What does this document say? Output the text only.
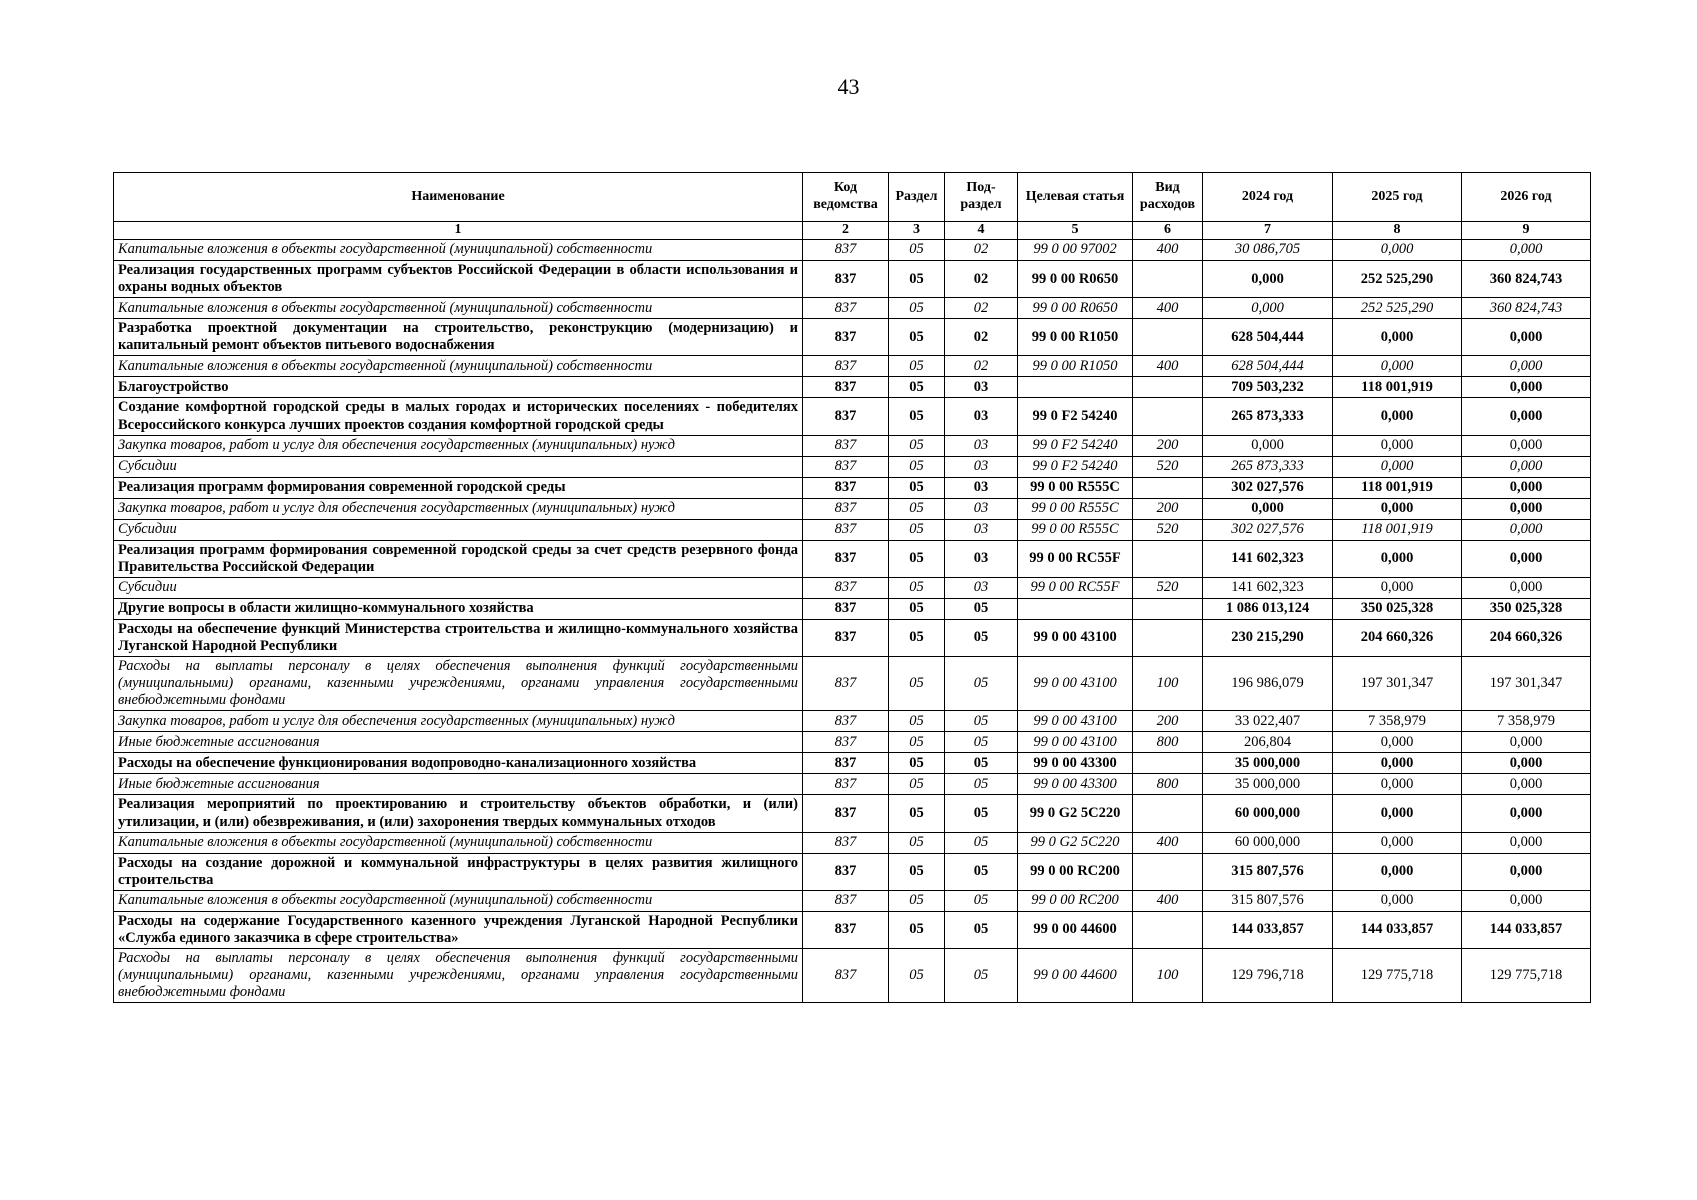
43
Наименование	Код ведомства	Раздел	Под-раздел	Целевая статья	Вид расходов	2024 год	2025 год	2026 год
1	2	3	4	5	6	7	8	9
Капитальные вложения в объекты государственной (муниципальной) собственности	837	05	02	99 0 00 97002	400	30 086,705	0,000	0,000
Реализация государственных программ субъектов Российской Федерации в области использования и охраны водных объектов	837	05	02	99 0 00 R0650		0,000	252 525,290	360 824,743
Капитальные вложения в объекты государственной (муниципальной) собственности	837	05	02	99 0 00 R0650	400	0,000	252 525,290	360 824,743
Разработка проектной документации на строительство, реконструкцию (модернизацию) и капитальный ремонт объектов питьевого водоснабжения	837	05	02	99 0 00 R1050		628 504,444	0,000	0,000
Капитальные вложения в объекты государственной (муниципальной) собственности	837	05	02	99 0 00 R1050	400	628 504,444	0,000	0,000
Благоустройство	837	05	03			709 503,232	118 001,919	0,000
Создание комфортной городской среды в малых городах и исторических поселениях - победителях Всероссийского конкурса лучших проектов создания комфортной городской среды	837	05	03	99 0 F2 54240		265 873,333	0,000	0,000
Закупка товаров, работ и услуг для обеспечения государственных (муниципальных) нужд	837	05	03	99 0 F2 54240	200	0,000	0,000	0,000
Субсидии	837	05	03	99 0 F2 54240	520	265 873,333	0,000	0,000
Реализация программ формирования современной городской среды	837	05	03	99 0 00 R555C		302 027,576	118 001,919	0,000
Закупка товаров, работ и услуг для обеспечения государственных (муниципальных) нужд	837	05	03	99 0 00 R555C	200	0,000	0,000	0,000
Субсидии	837	05	03	99 0 00 R555C	520	302 027,576	118 001,919	0,000
Реализация программ формирования современной городской среды за счет средств резервного фонда Правительства Российской Федерации	837	05	03	99 0 00 RC55F		141 602,323	0,000	0,000
Субсидии	837	05	03	99 0 00 RC55F	520	141 602,323	0,000	0,000
Другие вопросы в области жилищно-коммунального хозяйства	837	05	05			1 086 013,124	350 025,328	350 025,328
Расходы на обеспечение функций Министерства строительства и жилищно-коммунального хозяйства Луганской Народной Республики	837	05	05	99 0 00 43100		230 215,290	204 660,326	204 660,326
Расходы на выплаты персоналу в целях обеспечения выполнения функций государственными (муниципальными) органами, казенными учреждениями, органами управления государственными внебюджетными фондами	837	05	05	99 0 00 43100	100	196 986,079	197 301,347	197 301,347
Закупка товаров, работ и услуг для обеспечения государственных (муниципальных) нужд	837	05	05	99 0 00 43100	200	33 022,407	7 358,979	7 358,979
Иные бюджетные ассигнования	837	05	05	99 0 00 43100	800	206,804	0,000	0,000
Расходы на обеспечение функционирования водопроводно-канализационного хозяйства	837	05	05	99 0 00 43300		35 000,000	0,000	0,000
Иные бюджетные ассигнования	837	05	05	99 0 00 43300	800	35 000,000	0,000	0,000
Реализация мероприятий по проектированию и строительству объектов обработки, и (или) утилизации, и (или) обезвреживания, и (или) захоронения твердых коммунальных отходов	837	05	05	99 0 G2 5C220		60 000,000	0,000	0,000
Капитальные вложения в объекты государственной (муниципальной) собственности	837	05	05	99 0 G2 5C220	400	60 000,000	0,000	0,000
Расходы на создание дорожной и коммунальной инфраструктуры в целях развития жилищного строительства	837	05	05	99 0 00 RC200		315 807,576	0,000	0,000
Капитальные вложения в объекты государственной (муниципальной) собственности	837	05	05	99 0 00 RC200	400	315 807,576	0,000	0,000
Расходы на содержание Государственного казенного учреждения Луганской Народной Республики «Служба единого заказчика в сфере строительства»	837	05	05	99 0 00 44600		144 033,857	144 033,857	144 033,857
Расходы на выплаты персоналу в целях обеспечения выполнения функций государственными (муниципальными) органами, казенными учреждениями, органами управления государственными внебюджетными фондами	837	05	05	99 0 00 44600	100	129 796,718	129 775,718	129 775,718
